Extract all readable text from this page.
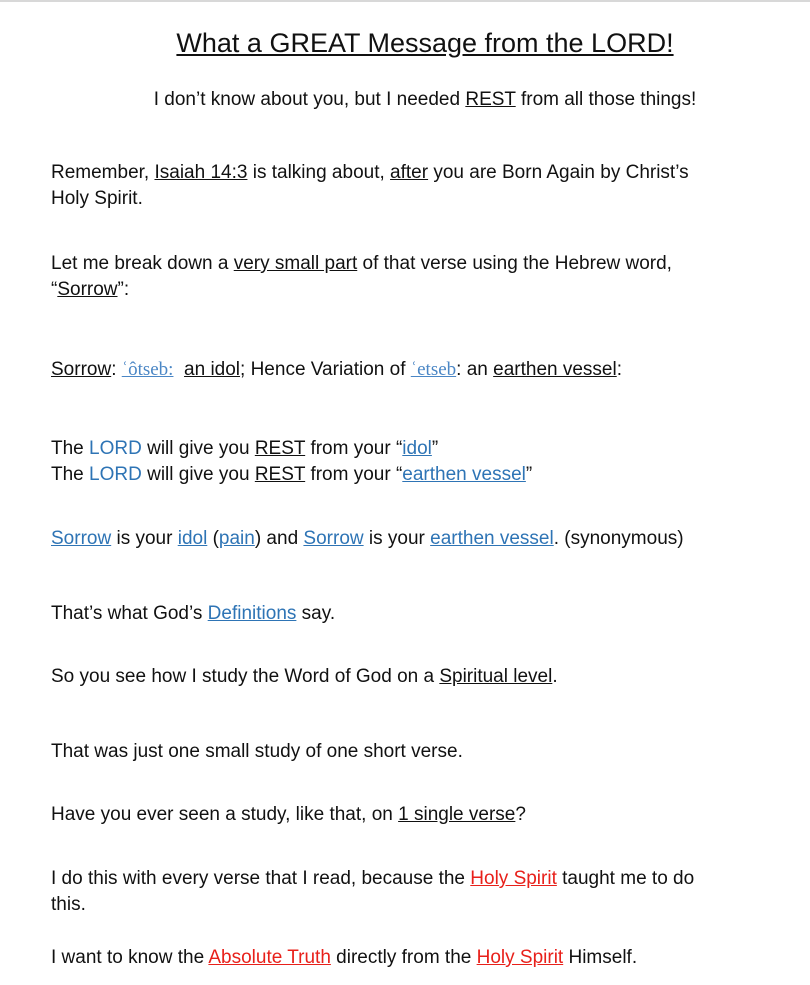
What a GREAT Message from the LORD!
I don’t know about you, but I needed REST from all those things!
Remember, Isaiah 14:3 is talking about, after you are Born Again by Christ’s
Holy Spirit.
Let me break down a very small part of that verse using the Hebrew word,
“Sorrow”:
Sorrow: ʿôtseb: an idol; Hence Variation of ʿetseb: an earthen vessel:
The LORD will give you REST from your “idol”
The LORD will give you REST from your “earthen vessel”
Sorrow is your idol (pain) and Sorrow is your earthen vessel. (synonymous)
That’s what God’s Definitions say.
So you see how I study the Word of God on a Spiritual level.
That was just one small study of one short verse.
Have you ever seen a study, like that, on 1 single verse?
I do this with every verse that I read, because the Holy Spirit taught me to do
this.
I want to know the Absolute Truth directly from the Holy Spirit Himself.
